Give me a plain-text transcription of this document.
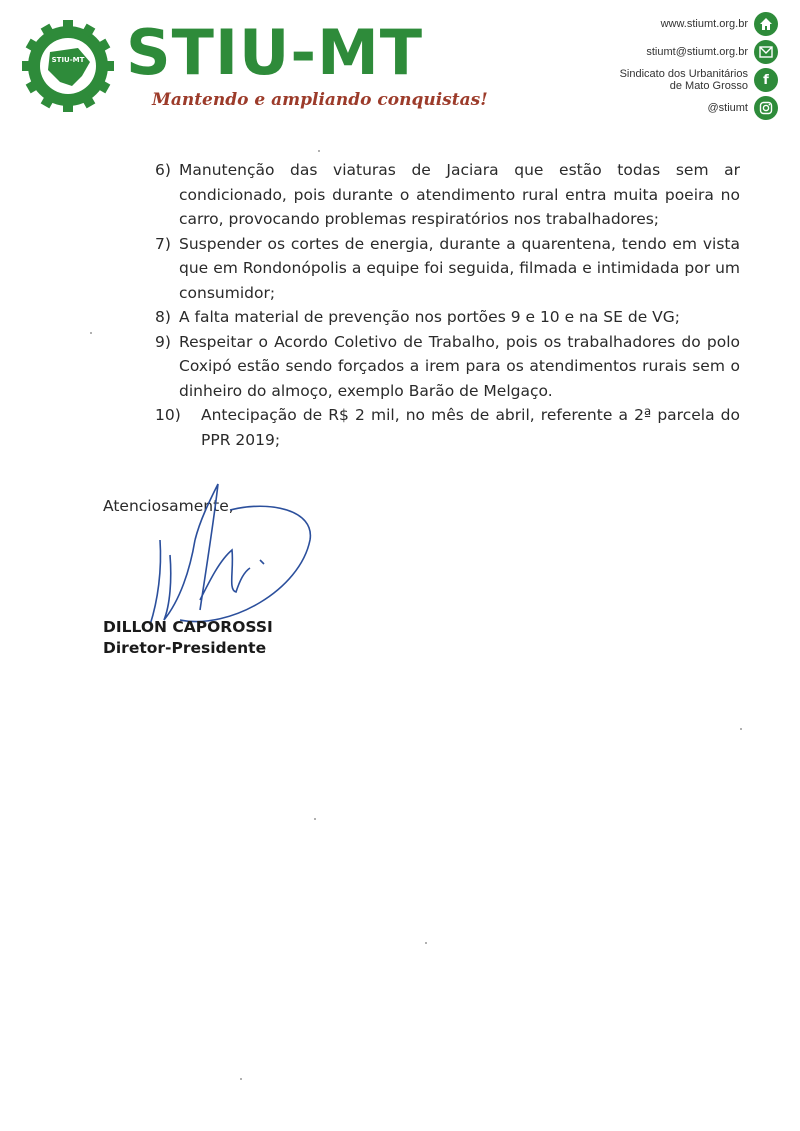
STIU-MT STIU-MT
Mantendo e ampliando conquistas!
www.stiumt.org.br
stiumt@stiumt.org.br
Sindicato dos Urbanitários
de Mato Grosso	f
@stiumt
6) Manutenção das viaturas de Jaciara que estão todas sem ar condicionado, pois durante o atendimento rural entra muita poeira no carro, provocando problemas respiratórios nos trabalhadores;
7) Suspender os cortes de energia, durante a quarentena, tendo em vista que em Rondonópolis a equipe foi seguida, filmada e intimidada por um consumidor;
8) A falta material de prevenção nos portões 9 e 10 e na SE de VG;
9) Respeitar o Acordo Coletivo de Trabalho, pois os trabalhadores do polo Coxipó estão sendo forçados a irem para os atendimentos rurais sem o dinheiro do almoço, exemplo Barão de Melgaço.
10)	Antecipação de R$ 2 mil, no mês de abril, referente a 2ª parcela do PPR 2019;
Atenciosamente,
DILLON CAPOROSSI
Diretor-Presidente
